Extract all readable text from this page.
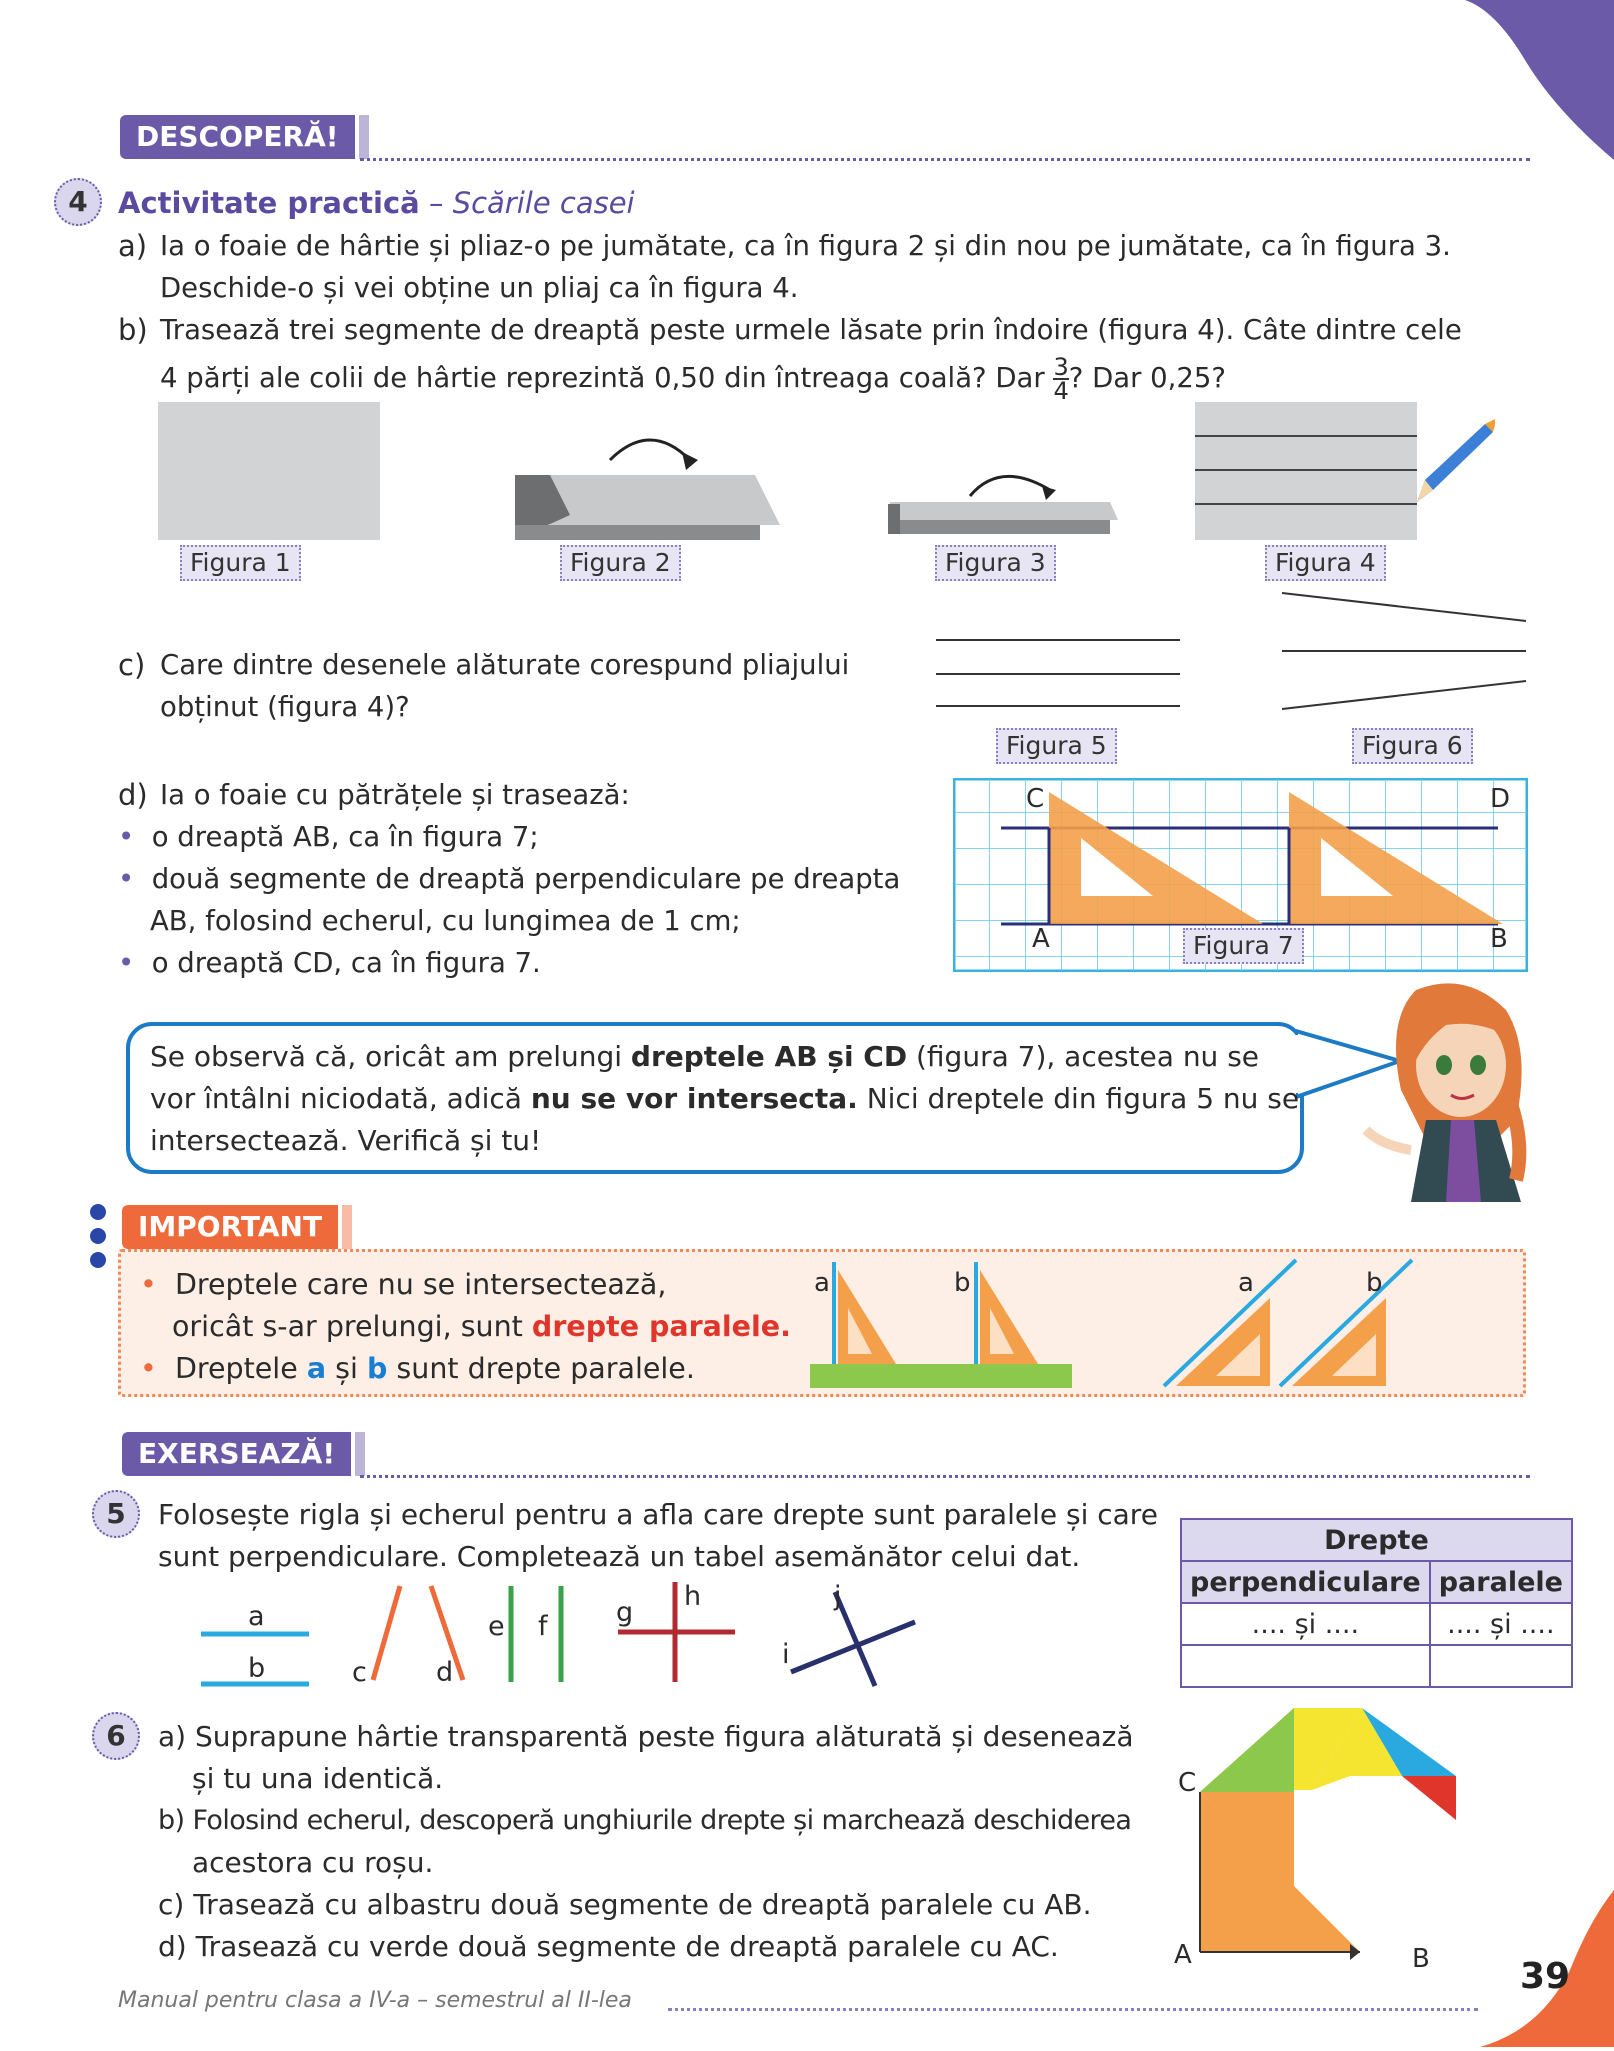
DESCOPERĂ!
4	Activitate practică – Scările casei
a) Ia o foaie de hârtie și pliaz-o pe jumătate, ca în figura 2 și din nou pe jumătate, ca în figura 3.
Deschide-o și vei obține un pliaj ca în figura 4.
b) Trasează trei segmente de dreaptă peste urmele lăsate prin îndoire (figura 4). Câte dintre cele
4 părți ale colii de hârtie reprezintă 0,50 din întreaga coală? Dar $\frac{3}{4}$ ? Dar 0,25?
Figura 1	Figura 2	Figura 3	Figura 4
c) Care dintre desenele alăturate corespund pliajului
obținut (figura 4)?
Figura 5	Figura 6
d) Ia o foaie cu pătrățele și trasează:
• o dreaptă AB, ca în figura 7;
• două segmente de dreaptă perpendiculare pe dreapta
AB, folosind echerul, cu lungimea de 1 cm;
• o dreaptă CD, ca în figura 7.
C	D
A	B
Figura 7
Se observă că, oricât am prelungi dreptele AB și CD (figura 7), acestea nu se
vor întâlni niciodată, adică nu se vor intersecta. Nici dreptele din figura 5 nu se
intersectează. Verifică și tu!
IMPORTANT
• Dreptele care nu se intersectează,
oricât s-ar prelungi, sunt drepte paralele.
• Dreptele a și b sunt drepte paralele.
a	b	a	b
EXERSEAZĂ!
5	Folosește rigla și echerul pentru a afla care drepte sunt paralele și care
sunt perpendiculare. Completează un tabel asemănător celui dat.
a
b	c	d
e f	g
h	j
i
Drepte	
perpendiculare	paralele
.... și ....	.... și ....

6	a) Suprapune hârtie transparentă peste figura alăturată și desenează
și tu una identică.
b) Folosind echerul, descoperă unghiurile drepte și marchează deschiderea
acestora cu roșu.
c) Trasează cu albastru două segmente de dreaptă paralele cu AB.
d) Trasează cu verde două segmente de dreaptă paralele cu AC.
C
A	B
Manual pentru clasa a IV-a – semestrul al II-lea
39
